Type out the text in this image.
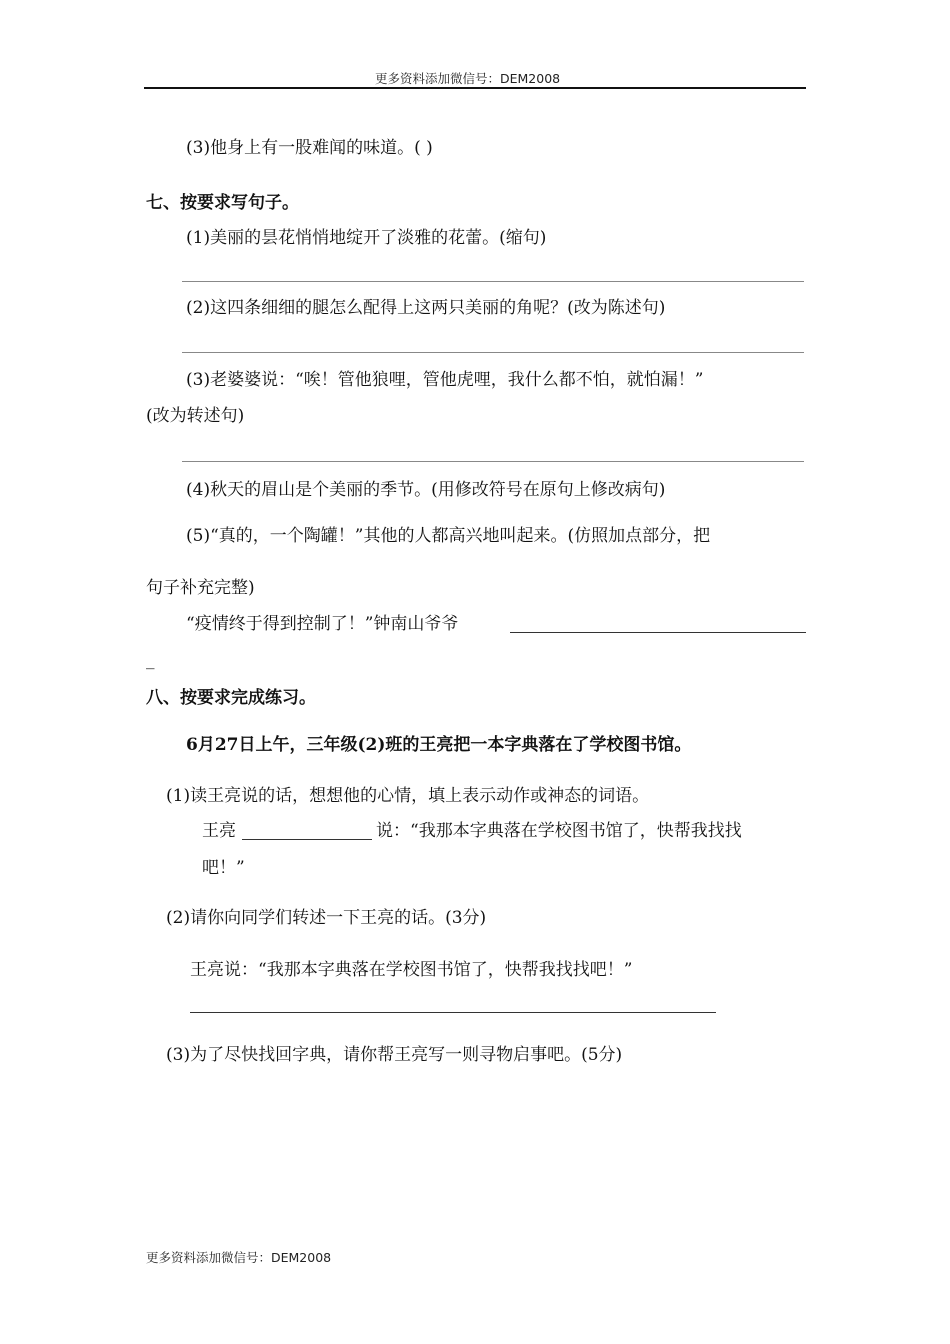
更多资料添加微信号：DEM2008
(3)他身上有一股难闻的味道。( )
七、按要求写句子。
(1)美丽的昙花悄悄地绽开了淡雅的花蕾。(缩句)
(2)这四条细细的腿怎么配得上这两只美丽的角呢？(改为陈述句)
(3)老婆婆说：“唉！管他狼哩，管他虎哩，我什么都不怕，就怕漏！”
(改为转述句)
(4)秋天的眉山是个美丽的季节。(用修改符号在原句上修改病句)
(5)“真的，一个陶罐！”其他的人都高兴地叫起来。(仿照加点部分，把
句子补充完整)
“疫情终于得到控制了！”钟南山爷爷
_
八、按要求完成练习。
6月27日上午，三年级(2)班的王亮把一本字典落在了学校图书馆。
(1)读王亮说的话，想想他的心情，填上表示动作或神态的词语。
王亮	说：“我那本字典落在学校图书馆了，快帮我找找
吧！”
(2)请你向同学们转述一下王亮的话。(3分)
王亮说：“我那本字典落在学校图书馆了，快帮我找找吧！”
(3)为了尽快找回字典，请你帮王亮写一则寻物启事吧。(5分)
更多资料添加微信号：DEM2008
